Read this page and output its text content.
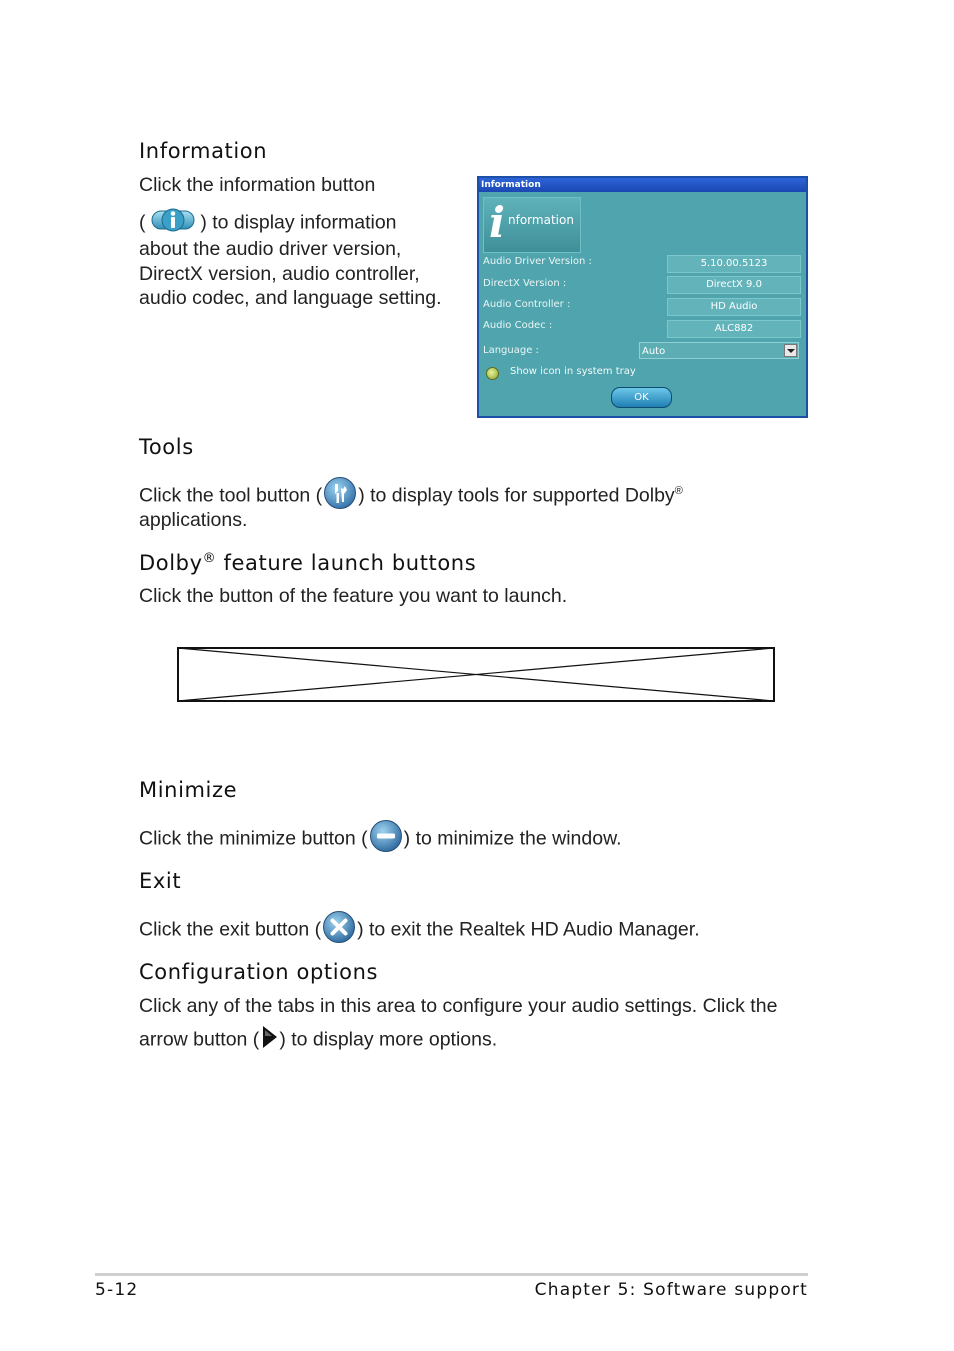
Information

Click the information button

(  ) to display information

about the audio driver version,

DirectX version, audio controller,

audio codec, and language setting.

Information
i nformation
Audio Driver Version :	5.10.00.5123
DirectX Version :	DirectX 9.0
Audio Controller :	HD Audio
Audio Codec :	ALC882
Language :	Auto
Show icon in system tray
OK
Tools

Click the tool button ( ) to display tools for supported Dolby®

applications.

Dolby® feature launch buttons

Click the button of the feature you want to launch.

Minimize

Click the minimize button ( ) to minimize the window.

Exit

Click the exit button ( ) to exit the Realtek HD Audio Manager.

Configuration options

Click any of the tabs in this area to configure your audio settings. Click the

arrow button ( ) to display more options.

5-12	Chapter 5: Software support
